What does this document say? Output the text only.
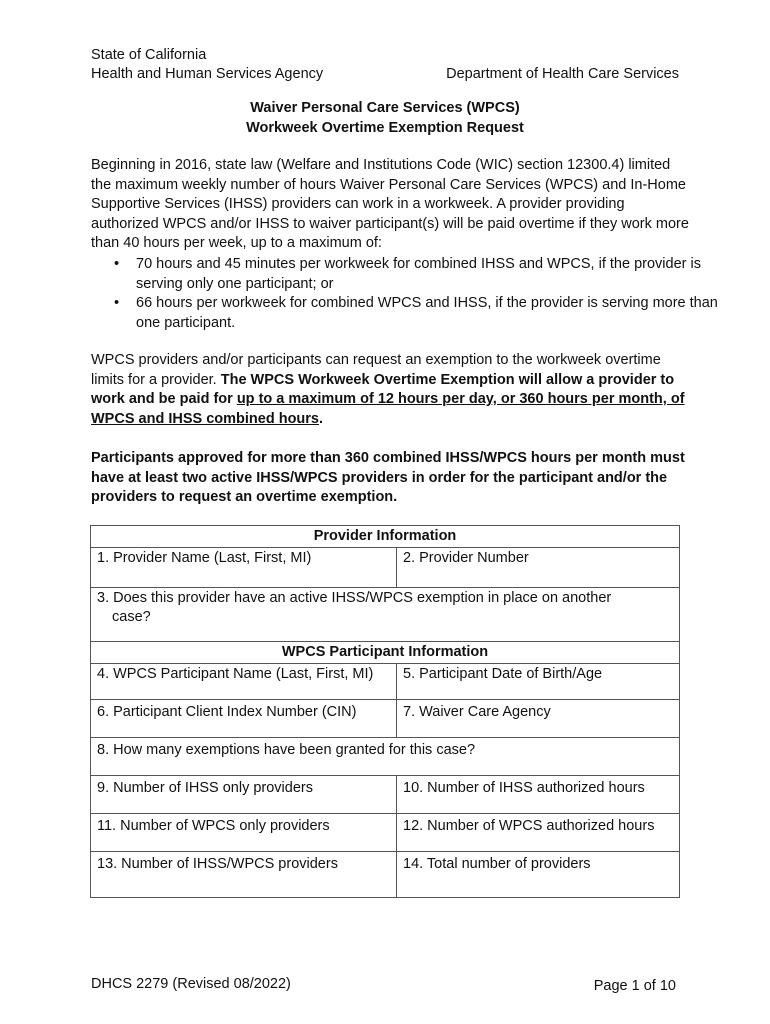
State of California
Health and Human Services Agency	Department of Health Care Services
Waiver Personal Care Services (WPCS)
Workweek Overtime Exemption Request
Beginning in 2016, state law (Welfare and Institutions Code (WIC) section 12300.4) limited the maximum weekly number of hours Waiver Personal Care Services (WPCS) and In-Home Supportive Services (IHSS) providers can work in a workweek. A provider providing authorized WPCS and/or IHSS to waiver participant(s) will be paid overtime if they work more than 40 hours per week, up to a maximum of:
• 70 hours and 45 minutes per workweek for combined IHSS and WPCS, if the provider is serving only one participant; or
• 66 hours per workweek for combined WPCS and IHSS, if the provider is serving more than one participant.
WPCS providers and/or participants can request an exemption to the workweek overtime limits for a provider. The WPCS Workweek Overtime Exemption will allow a provider to work and be paid for up to a maximum of 12 hours per day, or 360 hours per month, of WPCS and IHSS combined hours.
Participants approved for more than 360 combined IHSS/WPCS hours per month must have at least two active IHSS/WPCS providers in order for the participant and/or the providers to request an overtime exemption.
Provider Information	
1. Provider Name (Last, First, MI)	2. Provider Number
3. Does this provider have an active IHSS/WPCS exemption in place on another
case?	

WPCS Participant Information	
4. WPCS Participant Name (Last, First, MI)	5. Participant Date of Birth/Age
6. Participant Client Index Number (CIN)	7. Waiver Care Agency
8. How many exemptions have been granted for this case?	
9. Number of IHSS only providers	10. Number of IHSS authorized hours
11. Number of WPCS only providers	12. Number of WPCS authorized hours
13. Number of IHSS/WPCS providers	14. Total number of providers
DHCS 2279 (Revised 08/2022)	Page 1 of 10
